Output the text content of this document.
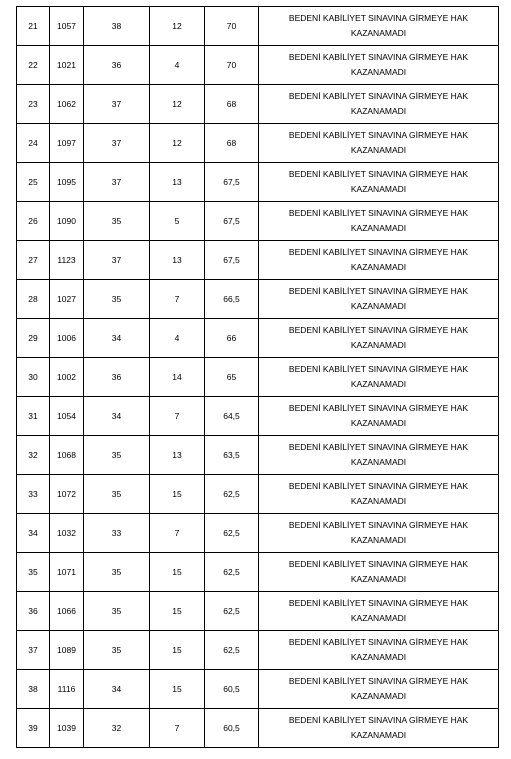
21	1057	38	12	70	BEDENİ KABİLİYET SINAVINA GİRMEYE HAK KAZANAMADI
22	1021	36	4	70	BEDENİ KABİLİYET SINAVINA GİRMEYE HAK KAZANAMADI
23	1062	37	12	68	BEDENİ KABİLİYET SINAVINA GİRMEYE HAK KAZANAMADI
24	1097	37	12	68	BEDENİ KABİLİYET SINAVINA GİRMEYE HAK KAZANAMADI
25	1095	37	13	67,5	BEDENİ KABİLİYET SINAVINA GİRMEYE HAK KAZANAMADI
26	1090	35	5	67,5	BEDENİ KABİLİYET SINAVINA GİRMEYE HAK KAZANAMADI
27	1123	37	13	67,5	BEDENİ KABİLİYET SINAVINA GİRMEYE HAK KAZANAMADI
28	1027	35	7	66,5	BEDENİ KABİLİYET SINAVINA GİRMEYE HAK KAZANAMADI
29	1006	34	4	66	BEDENİ KABİLİYET SINAVINA GİRMEYE HAK KAZANAMADI
30	1002	36	14	65	BEDENİ KABİLİYET SINAVINA GİRMEYE HAK KAZANAMADI
31	1054	34	7	64,5	BEDENİ KABİLİYET SINAVINA GİRMEYE HAK KAZANAMADI
32	1068	35	13	63,5	BEDENİ KABİLİYET SINAVINA GİRMEYE HAK KAZANAMADI
33	1072	35	15	62,5	BEDENİ KABİLİYET SINAVINA GİRMEYE HAK KAZANAMADI
34	1032	33	7	62,5	BEDENİ KABİLİYET SINAVINA GİRMEYE HAK KAZANAMADI
35	1071	35	15	62,5	BEDENİ KABİLİYET SINAVINA GİRMEYE HAK KAZANAMADI
36	1066	35	15	62,5	BEDENİ KABİLİYET SINAVINA GİRMEYE HAK KAZANAMADI
37	1089	35	15	62,5	BEDENİ KABİLİYET SINAVINA GİRMEYE HAK KAZANAMADI
38	1116	34	15	60,5	BEDENİ KABİLİYET SINAVINA GİRMEYE HAK KAZANAMADI
39	1039	32	7	60,5	BEDENİ KABİLİYET SINAVINA GİRMEYE HAK KAZANAMADI
